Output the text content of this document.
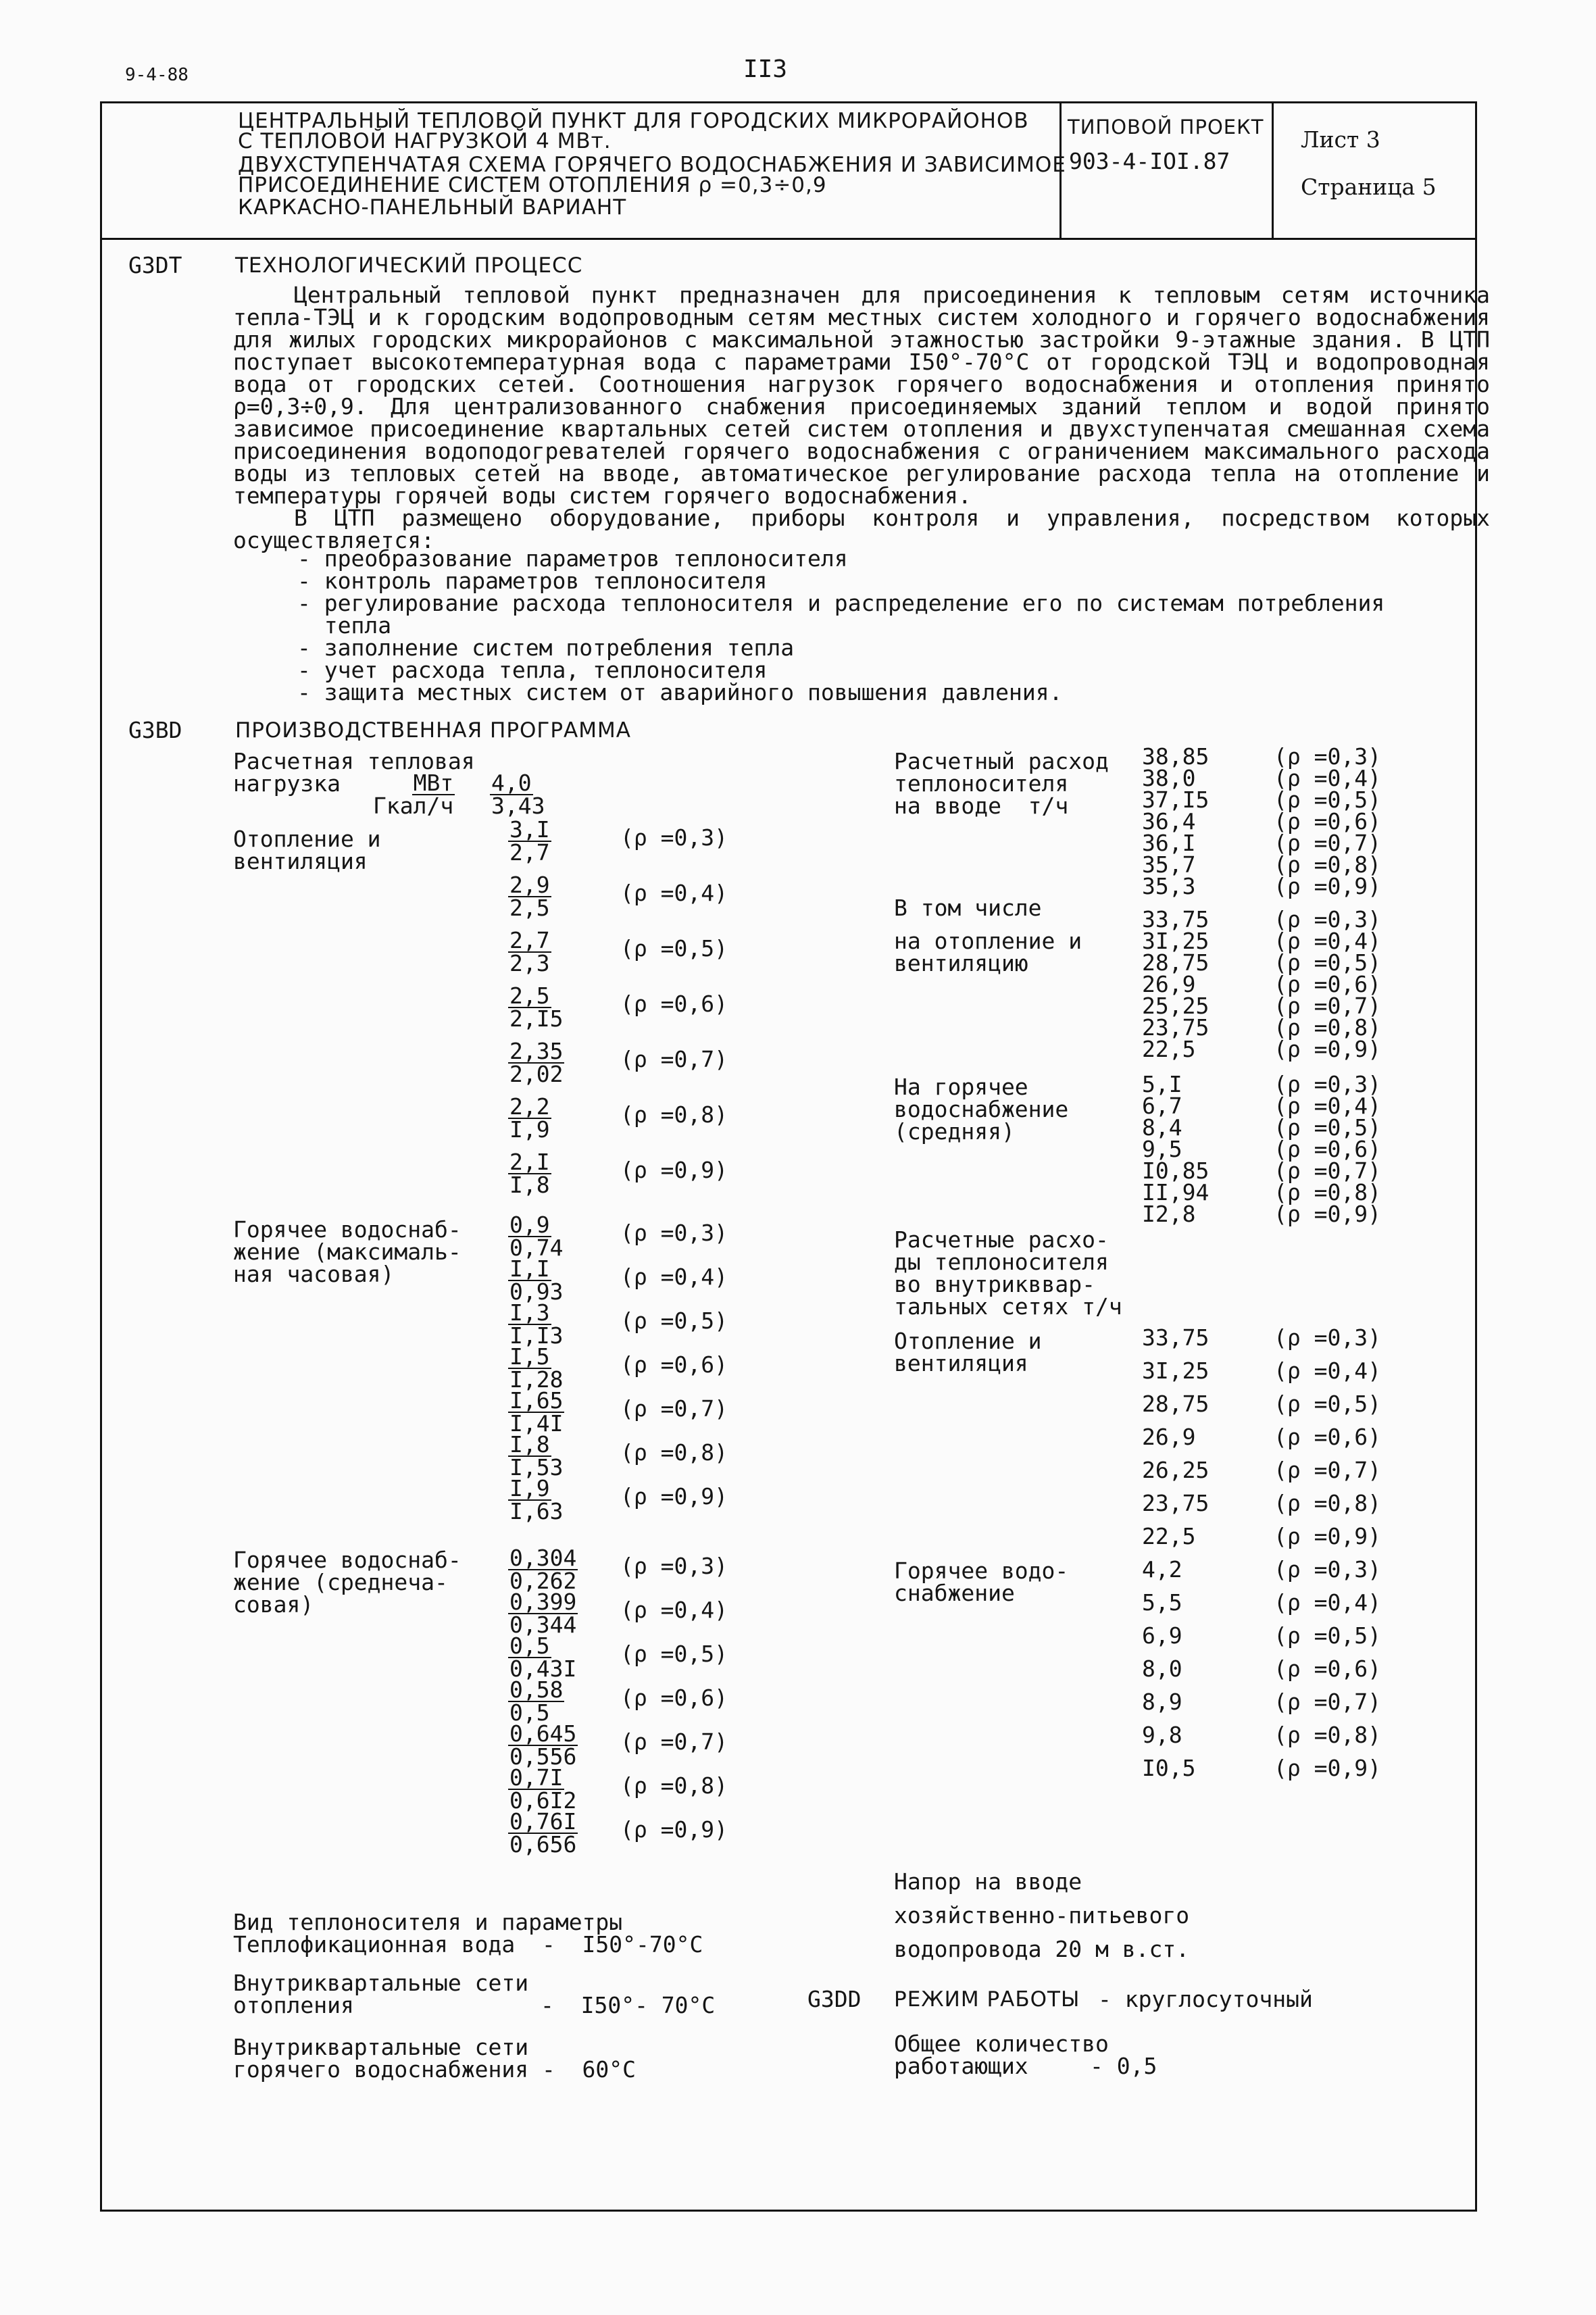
9-4-88	II3
ЦЕНТРАЛЬНЫЙ ТЕПЛОВОЙ ПУНКТ ДЛЯ ГОРОДСКИХ МИКРОРАЙОНОВ
С ТЕПЛОВОЙ НАГРУЗКОЙ 4 МВт.
ДВУХСТУПЕНЧАТАЯ СХЕМА ГОРЯЧЕГО ВОДОСНАБЖЕНИЯ И ЗАВИСИМОЕ
ПРИСОЕДИНЕНИЕ СИСТЕМ ОТОПЛЕНИЯ ρ =0,3÷0,9
КАРКАСНО-ПАНЕЛЬНЫЙ ВАРИАНТ
ТИПОВОЙ ПРОЕКТ
903-4-IOI.87
Лист 3
Страница 5
G3DT	ТЕХНОЛОГИЧЕСКИЙ ПРОЦЕСС

Центральный тепловой пункт предназначен для присоединения к тепловым сетям источника тепла-ТЭЦ и к городским водопроводным сетям местных систем холодного и горячего водоснабжения для жилых городских микрорайонов с максимальной этажностью застройки 9-этажные здания. В ЦТП поступает высокотемпературная вода с параметрами I50°-70°С от городской ТЭЦ и водопроводная вода от городских сетей. Соотношения нагрузок горячего водоснабжения и отопления принято ρ=0,3÷0,9. Для централизованного снабжения присоединяемых зданий теплом и водой принято зависимое присоединение квартальных сетей систем отопления и двухступенчатая смешанная схема присоединения водоподогревателей горячего водоснабжения с ограничением максимального расхода воды из тепловых сетей на вводе, автоматическое регулирование расхода тепла на отопление и температуры горячей воды систем горячего водоснабжения.

В ЦТП размещено оборудование, приборы контроля и управления, посредством которых осуществляется:

- преобразование параметров теплоносителя
- контроль параметров теплоносителя
- регулирование расхода теплоносителя и распределение его по системам потребления
тепла
- заполнение систем потребления тепла
- учет расхода тепла, теплоносителя
- защита местных систем от аварийного повышения давления.
G3BD	ПРОИЗВОДСТВЕННАЯ ПРОГРАММА
Расчетная тепловая
нагрузка	МВт
Гкал/ч $\frac{4,0}{3,43}$
Отопление и
вентиляция	$\frac{3,I}{2,7}$	(ρ =0,3)
$\frac{2,9}{2,5}$	(ρ =0,4)
$\frac{2,7}{2,3}$	(ρ =0,5)
$\frac{2,5}{2,I5}$	(ρ =0,6)
$\frac{2,35}{2,02}$	(ρ =0,7)
$\frac{2,2}{I,9}$	(ρ =0,8)
$\frac{2,I}{I,8}$	(ρ =0,9)
Горячее водоснаб-
жение (максималь-
ная часовая)
$\frac{0,9}{0,74}$	(ρ =0,3)
$\frac{I,I}{0,93}$	(ρ =0,4)
$\frac{I,3}{I,I3}$	(ρ =0,5)
$\frac{I,5}{I,28}$	(ρ =0,6)
$\frac{I,65}{I,4I}$	(ρ =0,7)
$\frac{I,8}{I,53}$	(ρ =0,8)
$\frac{I,9}{I,63}$	(ρ =0,9)
Горячее водоснаб-
жение (среднеча-
совая)
$\frac{0,304}{0,262} (\rho =0,3)$
$\frac{0,399}{0,344} (\rho =0,4)$
$\frac{0,5}{0,43I} (\rho =0,5)$
$\frac{0,58}{0,5}$	(ρ =0,6)
$\frac{0,645}{0,556} (\rho =0,7)$
$\frac{0,7I}{0,6I2} (\rho =0,8)$
$\frac{0,76I}{0,656} (\rho =0,9)$
Вид теплоносителя и параметры
Теплофикационная вода  -  I50°-70°С
Внутриквартальные сети
отопления	-  I50°- 70°С
Внутриквартальные сети
горячего водоснабжения -  60°С
Расчетный расход
теплоносителя
на вводе  т/ч
38,85	(ρ =0,3)
38,0	(ρ =0,4)
37,I5	(ρ =0,5)
36,4	(ρ =0,6)
36,I	(ρ =0,7)
35,7	(ρ =0,8)
35,3	(ρ =0,9)
В том числе
на отопление и
вентиляцию
33,75	(ρ =0,3)
3I,25	(ρ =0,4)
28,75	(ρ =0,5)
26,9	(ρ =0,6)
25,25	(ρ =0,7)
23,75	(ρ =0,8)
22,5	(ρ =0,9)
На горячее
водоснабжение
(средняя)
5,I	(ρ =0,3)
6,7	(ρ =0,4)
8,4	(ρ =0,5)
9,5	(ρ =0,6)
I0,85	(ρ =0,7)
II,94	(ρ =0,8)
I2,8	(ρ =0,9)
Расчетные расхо-
ды теплоносителя
во внутрикввар-
тальных сетях т/ч
Отопление и
вентиляция
33,75	(ρ =0,3)
3I,25	(ρ =0,4)
28,75	(ρ =0,5)
26,9	(ρ =0,6)
26,25	(ρ =0,7)
23,75	(ρ =0,8)
22,5	(ρ =0,9)
Горячее водо-
снабжение
4,2	(ρ =0,3)
5,5	(ρ =0,4)
6,9	(ρ =0,5)
8,0	(ρ =0,6)
8,9	(ρ =0,7)
9,8	(ρ =0,8)
I0,5	(ρ =0,9)
Напор на вводе
хозяйственно-питьевого
водопровода 20 м в.ст.
G3DD РЕЖИМ РАБОТЫ - круглосуточный
Общее количество
работающих	- 0,5
